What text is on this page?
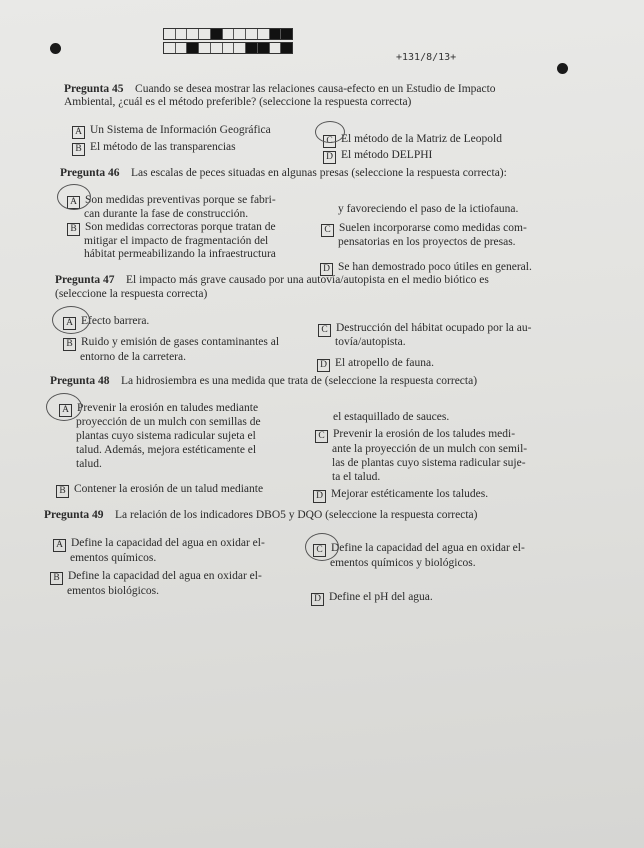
+131/8/13+
Pregunta 45 Cuando se desea mostrar las relaciones causa-efecto en un Estudio de Impacto
Ambiental, ¿cuál es el método preferible? (seleccione la respuesta correcta)
A Un Sistema de Información Geográfica
B El método de las transparencias	C El método de la Matriz de Leopold
D El método DELPHI
Pregunta 46 Las escalas de peces situadas en algunas presas (seleccione la respuesta correcta):
A Son medidas preventivas porque se fabri-
can durante la fase de construcción.
B Son medidas correctoras porque tratan de
mitigar el impacto de fragmentación del
hábitat permeabilizando la infraestructura
y favoreciendo el paso de la ictiofauna.
C Suelen incorporarse como medidas com-
pensatorias en los proyectos de presas.
D Se han demostrado poco útiles en general.
Pregunta 47 El impacto más grave causado por una autovía/autopista en el medio biótico es
(seleccione la respuesta correcta)
A Efecto barrera.
B Ruido y emisión de gases contaminantes al
entorno de la carretera.
C Destrucción del hábitat ocupado por la au-
tovía/autopista.
D El atropello de fauna.
Pregunta 48 La hidrosiembra es una medida que trata de (seleccione la respuesta correcta)
A Prevenir la erosión en taludes mediante
proyección de un mulch con semillas de
plantas cuyo sistema radicular sujeta el
talud. Además, mejora estéticamente el
talud.
B Contener la erosión de un talud mediante
el estaquillado de sauces.
C Prevenir la erosión de los taludes medi-
ante la proyección de un mulch con semil-
las de plantas cuyo sistema radicular suje-
ta el talud.
D Mejorar estéticamente los taludes.
Pregunta 49 La relación de los indicadores DBO5 y DQO (seleccione la respuesta correcta)
A Define la capacidad del agua en oxidar el-
ementos químicos.
B Define la capacidad del agua en oxidar el-
ementos biológicos.
C Define la capacidad del agua en oxidar el-
ementos químicos y biológicos.
D Define el pH del agua.
